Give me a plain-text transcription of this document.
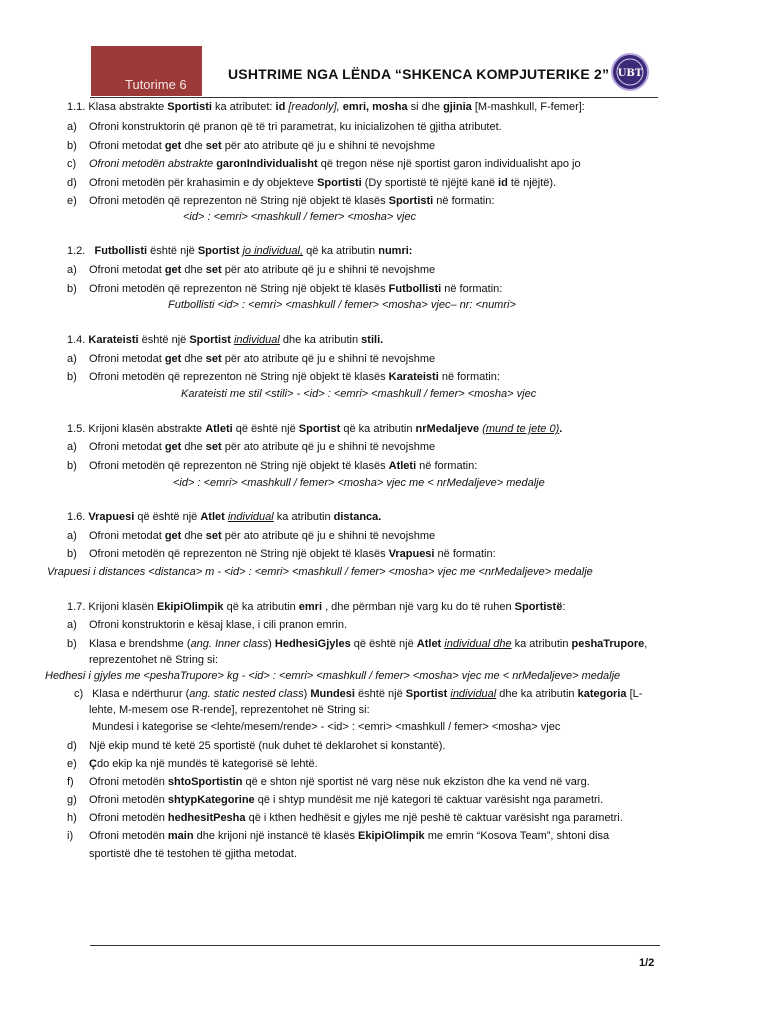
Tutorime 6
USHTRIME NGA LËNDA “SHKENCA KOMPJUTERIKE 2” UBT
1.1. Klasa abstrakte Sportisti ka atributet: id [readonly], emri, mosha si dhe gjinia [M-mashkull, F-femer]:
a) Ofroni konstruktorin që pranon që të tri parametrat, ku inicializohen të gjitha atributet.
b) Ofroni metodat get dhe set për ato atribute që ju e shihni të nevojshme
c) Ofroni metodën abstrakte garonIndividualisht që tregon nëse një sportist garon individualisht apo jo
d) Ofroni metodën për krahasimin e dy objekteve Sportisti (Dy sportistë të njëjtë kanë id të njëjtë).
e) Ofroni metodën që reprezenton në String një objekt të klasës Sportisti në formatin:
<id> : <emri> <mashkull / femer> <mosha> vjec
1.2. Futbollisti është një Sportist jo individual, që ka atributin numri:
a) Ofroni metodat get dhe set për ato atribute që ju e shihni të nevojshme
b) Ofroni metodën që reprezenton në String një objekt të klasës Futbollisti në formatin:
Futbollisti <id> : <emri> <mashkull / femer> <mosha> vjec– nr: <numri>
1.4. Karateisti është një Sportist individual dhe ka atributin stili.
a) Ofroni metodat get dhe set për ato atribute që ju e shihni të nevojshme
b) Ofroni metodën që reprezenton në String një objekt të klasës Karateisti në formatin:
Karateisti me stil <stili> - <id> : <emri> <mashkull / femer> <mosha> vjec
1.5. Krijoni klasën abstrakte Atleti që është një Sportist që ka atributin nrMedaljeve (mund te jete 0).
a) Ofroni metodat get dhe set për ato atribute që ju e shihni të nevojshme
b) Ofroni metodën që reprezenton në String një objekt të klasës Atleti në formatin:
<id> : <emri> <mashkull / femer> <mosha> vjec me < nrMedaljeve> medalje
1.6. Vrapuesi që është një Atlet individual ka atributin distanca.
a) Ofroni metodat get dhe set për ato atribute që ju e shihni të nevojshme
b) Ofroni metodën që reprezenton në String një objekt të klasës Vrapuesi në formatin:
Vrapuesi i distances <distanca> m - <id> : <emri> <mashkull / femer> <mosha> vjec me <nrMedaljeve> medalje
1.7. Krijoni klasën EkipiOlimpik që ka atributin emri , dhe përmban një varg ku do të ruhen Sportistë:
a) Ofroni konstruktorin e kësaj klase, i cili pranon emrin.
b) Klasa e brendshme (ang. Inner class) HedhesiGjyles që është një Atlet individual dhe ka atributin peshaTrupore,
reprezentohet në String si:
Hedhesi i gjyles me <peshaTrupore> kg - <id> : <emri> <mashkull / femer> <mosha> vjec me < nrMedaljeve> medalje
c) Klasa e ndërthurur (ang. static nested class) Mundesi është një Sportist individual dhe ka atributin kategoria [L-
lehte, M-mesem ose R-rende], reprezentohet në String si:
Mundesi i kategorise se <lehte/mesem/rende> - <id> : <emri> <mashkull / femer> <mosha> vjec
d) Një ekip mund të ketë 25 sportistë (nuk duhet të deklarohet si konstantë).
e) Çdo ekip ka një mundës të kategorisë së lehtë.
f) Ofroni metodën shtoSportistin që e shton një sportist në varg nëse nuk ekziston dhe ka vend në varg.
g) Ofroni metodën shtypKategorine që i shtyp mundësit me një kategori të caktuar varësisht nga parametri.
h) Ofroni metodën hedhesitPesha që i kthen hedhësit e gjyles me një peshë të caktuar varësisht nga parametri.
i) Ofroni metodën main dhe krijoni një instancë të klasës EkipiOlimpik me emrin “Kosova Team”, shtoni disa
sportistë dhe të testohen të gjitha metodat.
1/2
